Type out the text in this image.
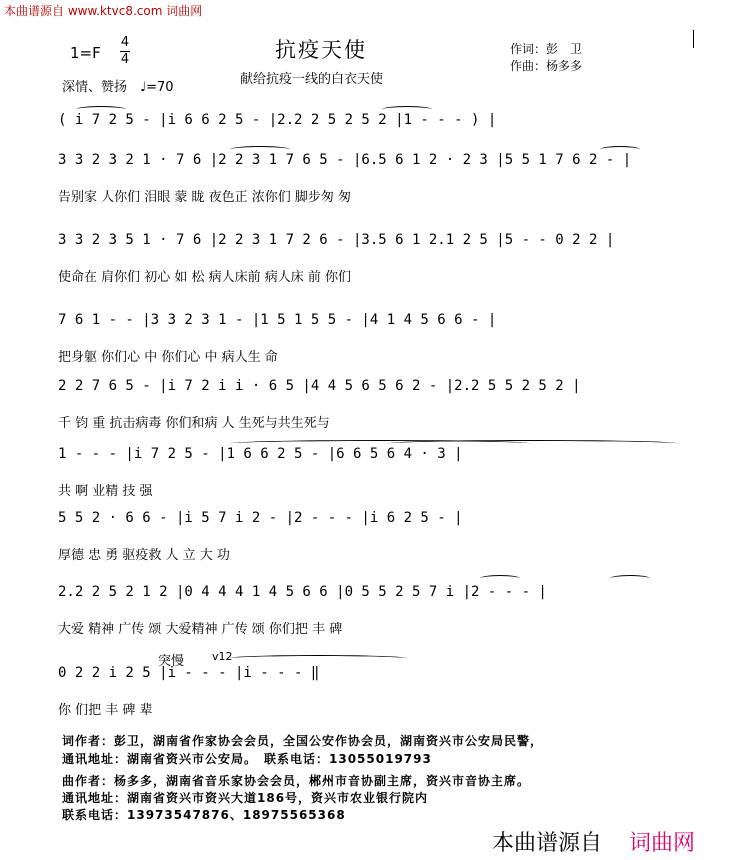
本曲谱源自 www.ktvc8.com 词曲网
1=F
4
4	抗疫天使
献给抗疫一线的白衣天使
作词：彭　卫
作曲：杨多多
深情、赞扬　♩=70
( i 7 2 5 - |i 6 6 2 5 - |2.2 2 5 2 5 2 |1 - - - ) |
3 3 2 3 2 1 · 7 6 |2 2 3 1 7 6 5 - |6.5 6 1 2 · 2 3 |5 5 1 7 6 2 - |
告别家 人你们 泪眼 蒙 眬 夜色正 浓你们 脚步匆 匆
3 3 2 3 5 1 · 7 6 |2 2 3 1 7 2 6 - |3.5 6 1 2.1 2 5 |5 - - 0 2 2 |
使命在 肩你们 初心 如 松 病人床前 病人床 前 你们
7 6 1 - - |3 3 2 3 1 - |1 5 1 5 5 - |4 1 4 5 6 6 - |
把身躯 你们心 中 你们心 中 病人生 命
2 2 7 6 5 - |i 7 2 i i · 6 5 |4 4 5 6 5 6 2 - |2.2 5 5 2 5 2 |
千 钧 重 抗击病毒 你们和病 人 生死与共生死与
1 - - - |i 7 2 5 - |1 6 6 2 5 - |6 6 5 6 4 · 3 |
共 啊 业精 技 强
5 5 2 · 6 6 - |i 5 7 i 2 - |2 - - - |i 6 2 5 - |
厚德 忠 勇 驱疫救 人 立 大 功
2.2 2 5 2 1 2 |0 4 4 4 1 4 5 6 6 |0 5 5 2 5 7 i |2 - - - |
大爱 精神 广传 颂 大爱精神 广传 颂 你们把 丰 碑
0 2 2 i 2 5 |i - - - |i - - - ‖
你 们把 丰 碑 辈
突慢	v12
词作者：彭卫，湖南省作家协会会员，全国公安作协会员，湖南资兴市公安局民警，
通讯地址：湖南省资兴市公安局。　联系电话：13055019793
曲作者：杨多多，湖南省音乐家协会会员，郴州市音协副主席，资兴市音协主席。
通讯地址：湖南省资兴市资兴大道186号，资兴市农业银行院内
联系电话：13973547876、18975565368
本曲谱源自 词曲网
